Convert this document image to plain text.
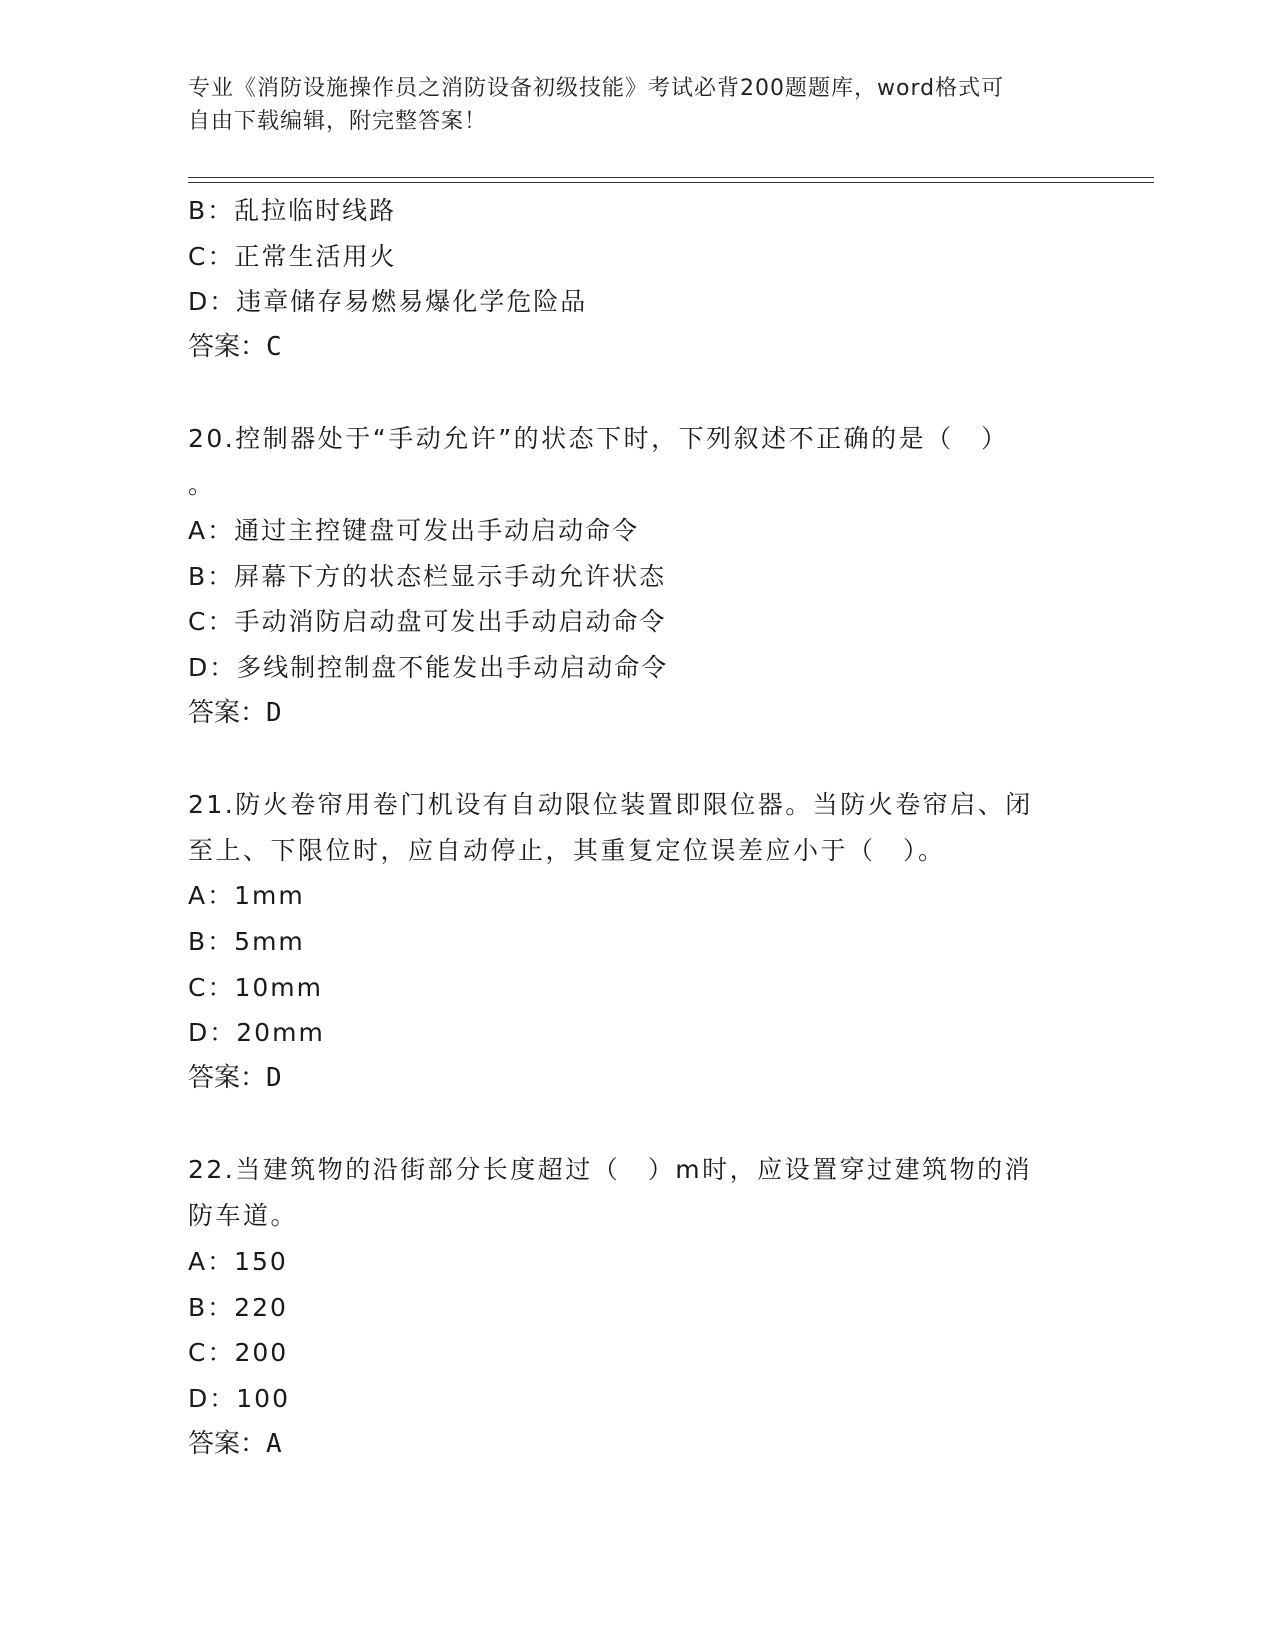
专业《消防设施操作员之消防设备初级技能》考试必背200题题库，word格式可
自由下载编辑，附完整答案！
B：乱拉临时线路
C：正常生活用火
D：违章储存易燃易爆化学危险品
答案：C
20.控制器处于“手动允许”的状态下时，下列叙述不正确的是（　）
。
A：通过主控键盘可发出手动启动命令
B：屏幕下方的状态栏显示手动允许状态
C：手动消防启动盘可发出手动启动命令
D：多线制控制盘不能发出手动启动命令
答案：D
21.防火卷帘用卷门机设有自动限位装置即限位器。当防火卷帘启、闭
至上、下限位时，应自动停止，其重复定位误差应小于（　）。
A：1mm
B：5mm
C：10mm
D：20mm
答案：D
22.当建筑物的沿街部分长度超过（　）m时，应设置穿过建筑物的消
防车道。
A：150
B：220
C：200
D：100
答案：A
